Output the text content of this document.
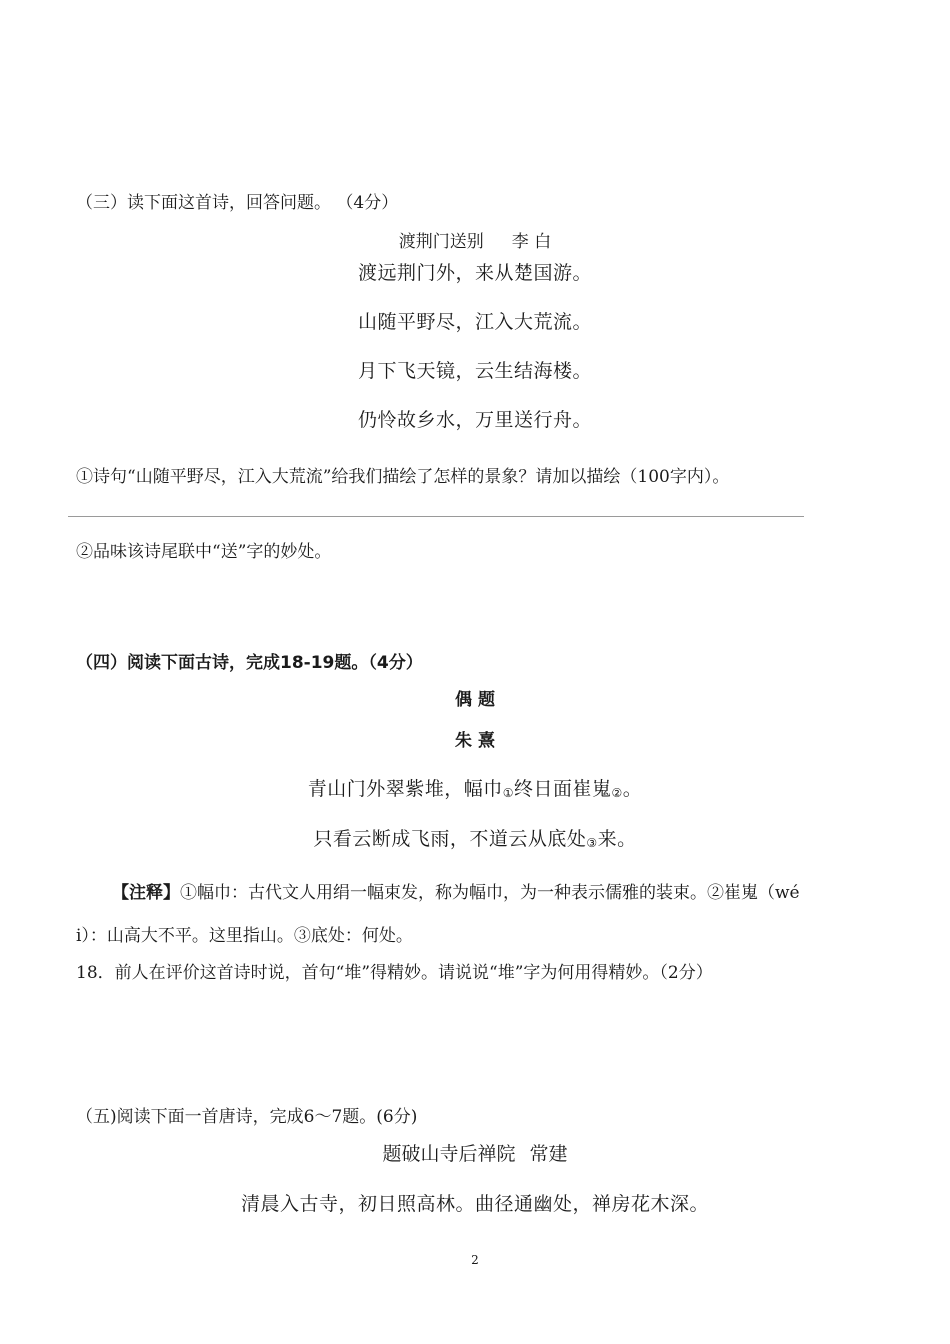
（三）读下面这首诗，回答问题。 （4分）
渡荆门送别 李 白
渡远荆门外，来从楚国游。
山随平野尽，江入大荒流。
月下飞天镜，云生结海楼。
仍怜故乡水，万里送行舟。
①诗句“山随平野尽，江入大荒流”给我们描绘了怎样的景象？请加以描绘（100字内）。
②品味该诗尾联中“送”字的妙处。
（四）阅读下面古诗，完成18-19题。（4分）
偶 题
朱 熹
青山门外翠紫堆，幅巾①终日面崔嵬②。
只看云断成飞雨，不道云从底处③来。
【注释】①幅巾：古代文人用绢一幅束发，称为幅巾，为一种表示儒雅的装束。②崔嵬（wé
i）：山高大不平。这里指山。③底处：何处。
18．前人在评价这首诗时说，首句“堆”得精妙。请说说“堆”字为何用得精妙。（2分）
（五)阅读下面一首唐诗，完成6～7题。(6分)
题破山寺后禅院 常建
清晨入古寺，初日照高林。曲径通幽处，禅房花木深。
2
